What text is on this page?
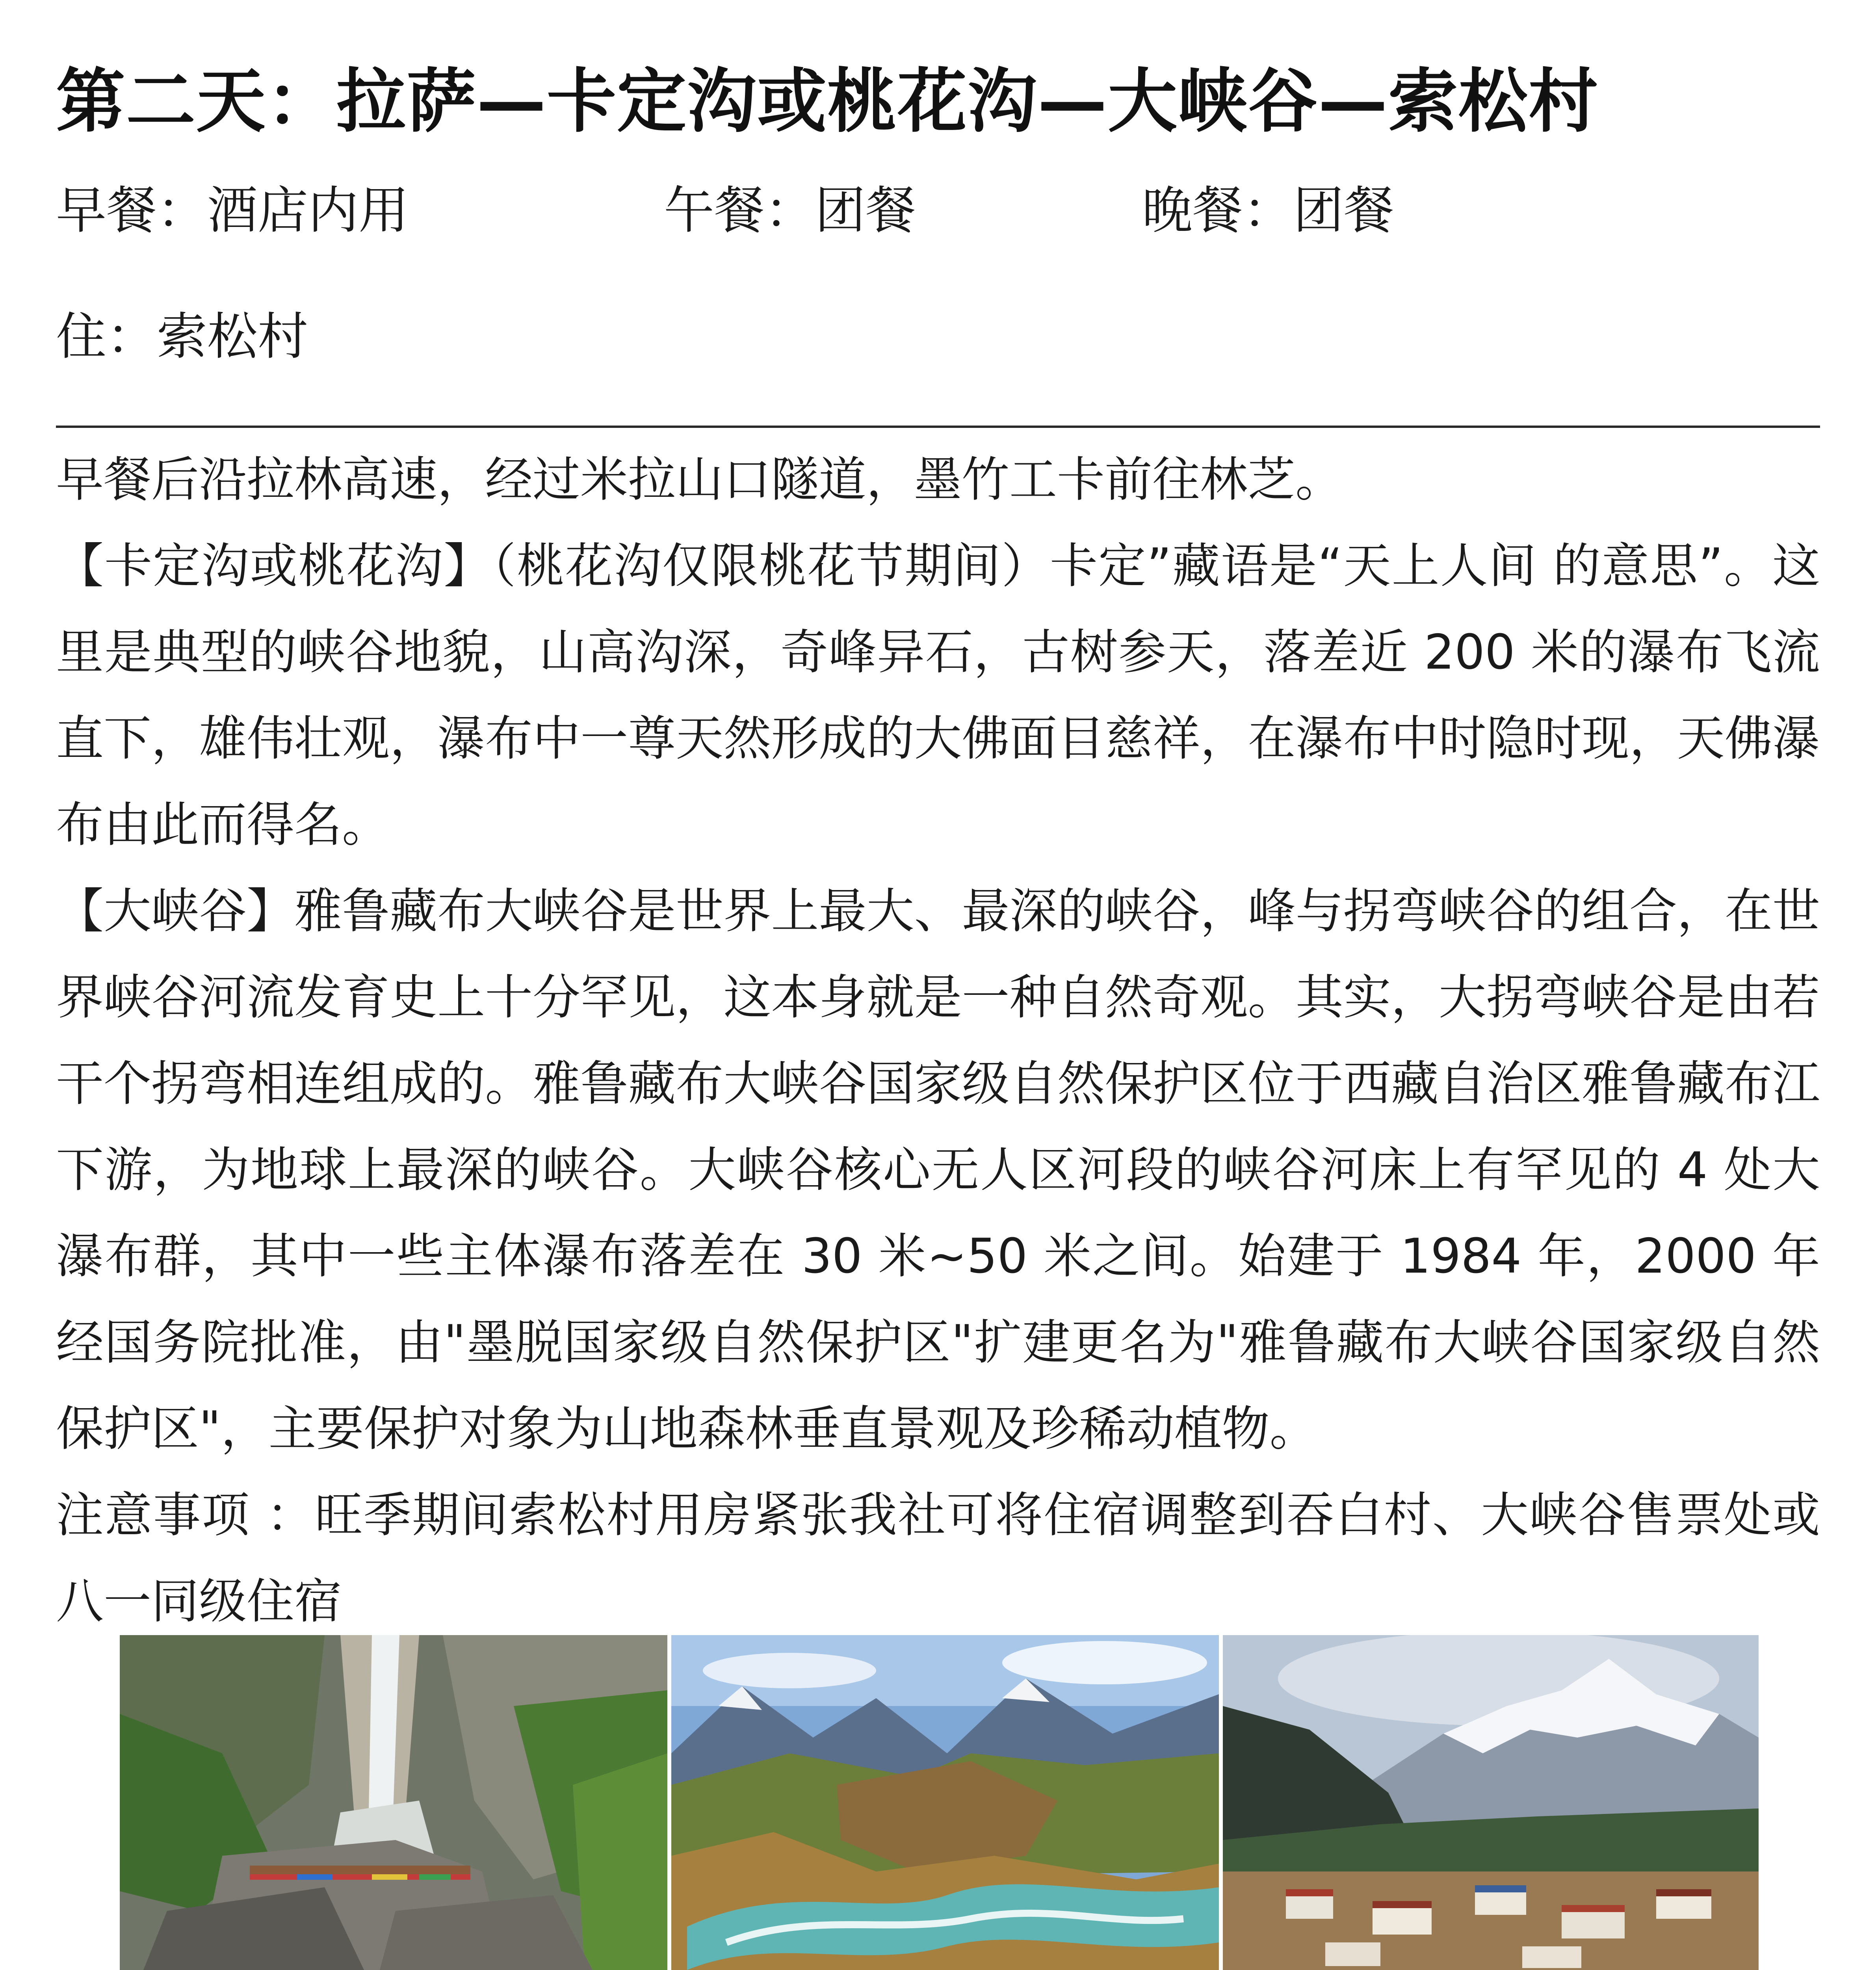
第二天：拉萨—卡定沟或桃花沟—大峡谷—索松村
早餐：酒店内用	午餐：团餐	晚餐：团餐
住：索松村

早餐后沿拉林高速，经过米拉山口隧道，墨竹工卡前往林芝。

【卡定沟或桃花沟】（桃花沟仅限桃花节期间）卡定”藏语是“天上人间 的意思”。这里是典型的峡谷地貌，山高沟深，奇峰异石，古树参天，落差近 200 米的瀑布飞流直下，雄伟壮观，瀑布中一尊天然形成的大佛面目慈祥，在瀑布中时隐时现，天佛瀑布由此而得名。

【大峡谷】雅鲁藏布大峡谷是世界上最大、最深的峡谷，峰与拐弯峡谷的组合，在世界峡谷河流发育史上十分罕见，这本身就是一种自然奇观。其实，大拐弯峡谷是由若干个拐弯相连组成的。雅鲁藏布大峡谷国家级自然保护区位于西藏自治区雅鲁藏布江下游，为地球上最深的峡谷。大峡谷核心无人区河段的峡谷河床上有罕见的 4 处大瀑布群，其中一些主体瀑布落差在 30 米~50 米之间。始建于 1984 年，2000 年经国务院批准，由"墨脱国家级自然保护区"扩建更名为"雅鲁藏布大峡谷国家级自然保护区"，主要保护对象为山地森林垂直景观及珍稀动植物。

注意事项 ：旺季期间索松村用房紧张我社可将住宿调整到吞白村、大峡谷售票处或八一同级住宿
